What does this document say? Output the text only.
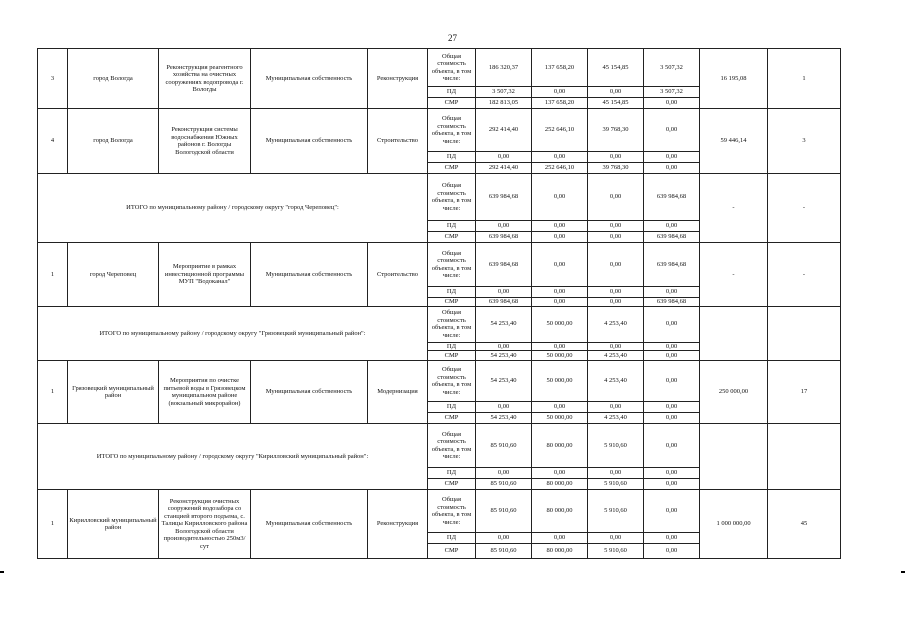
27
3	город Вологда	Реконструкция реагентного хозяйства на очистных сооружениях водопровода г. Вологды	Муниципальная собственность	Реконструкция	Общая стоимость объекта, в том числе:	186 320,37	137 658,20	45 154,85	3 507,32	16 195,08	1
					ПД	3 507,32	0,00	0,00	3 507,32		
					СМР	182 813,05	137 658,20	45 154,85	0,00		
4	город Вологда	Реконструкция системы водоснабжения Южных районов г. Вологды Вологодской области	Муниципальная собственность	Строительство	Общая стоимость объекта, в том числе:	292 414,40	252 646,10	39 768,30	0,00	59 446,14	3
					ПД	0,00	0,00	0,00	0,00		
					СМР	292 414,40	252 646,10	39 768,30	0,00		
ИТОГО по муниципальному району / городскому округу "город Череповец":					Общая стоимость объекта, в том числе:	639 984,68	0,00	0,00	639 984,68	-	-
					ПД	0,00	0,00	0,00	0,00		
					СМР	639 984,68	0,00	0,00	639 984,68		
1	город Череповец	Мероприятие в рамках инвестиционной программы МУП "Водоканал"	Муниципальная собственность	Строительство	Общая стоимость объекта, в том числе:	639 984,68	0,00	0,00	639 984,68	-	-
					ПД	0,00	0,00	0,00	0,00		
					СМР	639 984,68	0,00	0,00	639 984,68		
ИТОГО по муниципальному району / городскому округу "Грязовецкий муниципальный район":					Общая стоимость объекта, в том числе:	54 253,40	50 000,00	4 253,40	0,00		
					ПД	0,00	0,00	0,00	0,00		
					СМР	54 253,40	50 000,00	4 253,40	0,00		
1	Грязовецкий муниципальный район	Мероприятия по очистке питьевой воды в Грязовецком муниципальном районе (вокзальный микрорайон)	Муниципальная собственность	Модернизация	Общая стоимость объекта, в том числе:	54 253,40	50 000,00	4 253,40	0,00	250 000,00	17
					ПД	0,00	0,00	0,00	0,00		
					СМР	54 253,40	50 000,00	4 253,40	0,00		
ИТОГО по муниципальному району / городскому округу "Кирилловский муниципальный район":					Общая стоимость объекта, в том числе:	85 910,60	80 000,00	5 910,60	0,00		
					ПД	0,00	0,00	0,00	0,00		
					СМР	85 910,60	80 000,00	5 910,60	0,00		
1	Кирилловский муниципальный район	Реконструкция очистных сооружений водозабора со станцией второго подъема, с. Талицы Кирилловского района Вологодской области производительностью 250м3/сут	Муниципальная собственность	Реконструкция	Общая стоимость объекта, в том числе:	85 910,60	80 000,00	5 910,60	0,00	1 000 000,00	45
					ПД	0,00	0,00	0,00	0,00		
					СМР	85 910,60	80 000,00	5 910,60	0,00		
